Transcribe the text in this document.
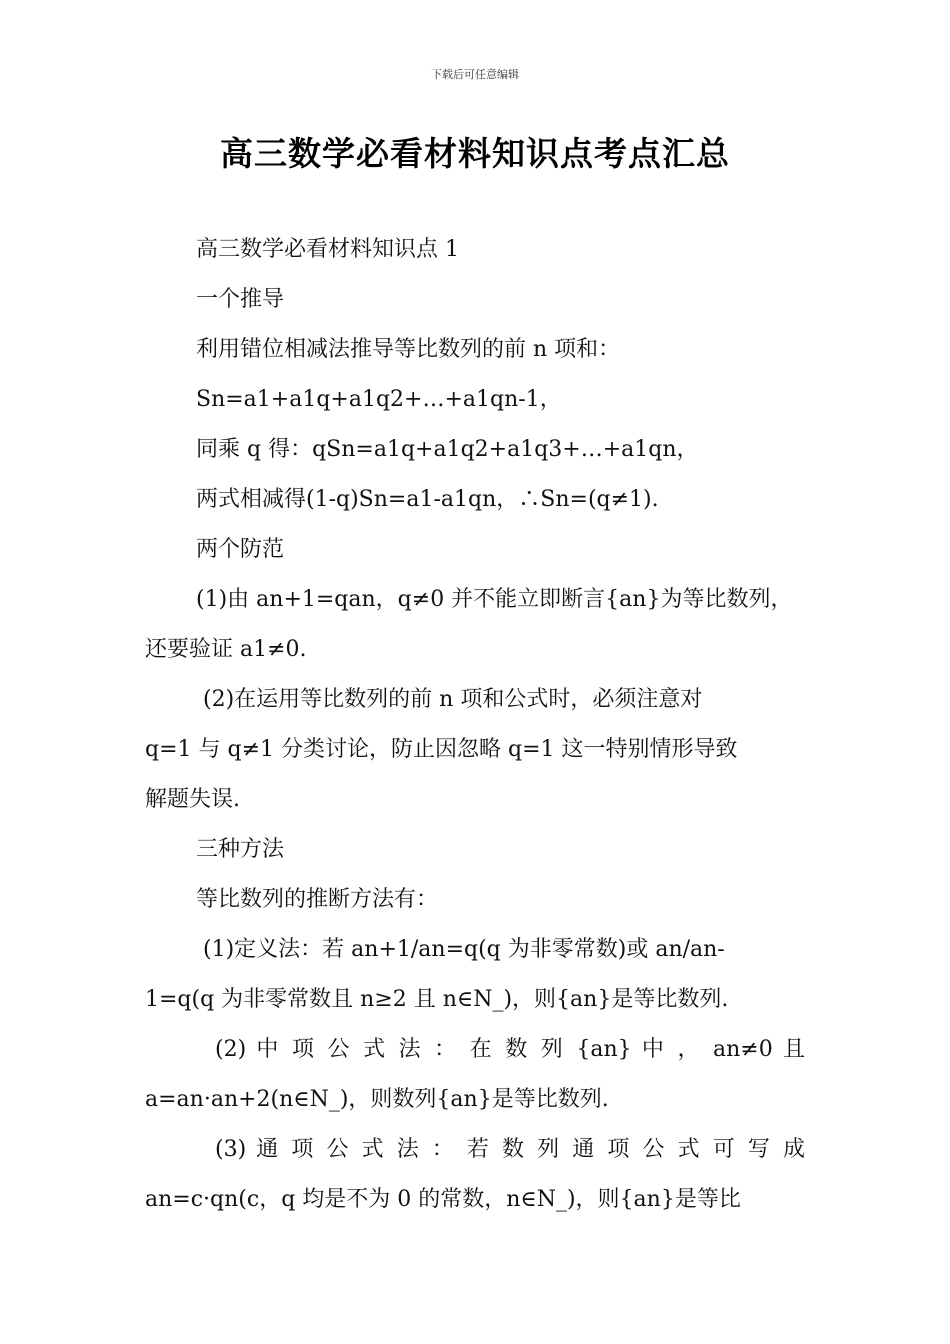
下载后可任意编辑
高三数学必看材料知识点考点汇总
高三数学必看材料知识点 1
一个推导
利用错位相减法推导等比数列的前 n 项和：
Sn=a1+a1q+a1q2+…+a1qn-1，
同乘 q 得：qSn=a1q+a1q2+a1q3+…+a1qn，
两式相减得(1-q)Sn=a1-a1qn，∴Sn=(q≠1).
两个防范
(1)由 an+1=qan，q≠0 并不能立即断言{an}为等比数列，
还要验证 a1≠0.
(2)在运用等比数列的前 n 项和公式时，必须注意对
q=1 与 q≠1 分类讨论，防止因忽略 q=1 这一特别情形导致
解题失误.
三种方法
等比数列的推断方法有：
(1)定义法：若 an+1/an=q(q 为非零常数)或 an/an-
1=q(q 为非零常数且 n≥2 且 n∈N_)，则{an}是等比数列.
(2) 中 项 公 式 法 ： 在 数 列 {an} 中 ， an≠0 且
a=an·an+2(n∈N_)，则数列{an}是等比数列.
(3) 通 项 公 式 法 ： 若 数 列 通 项 公 式 可 写 成
an=c·qn(c，q 均是不为 0 的常数，n∈N_)，则{an}是等比
